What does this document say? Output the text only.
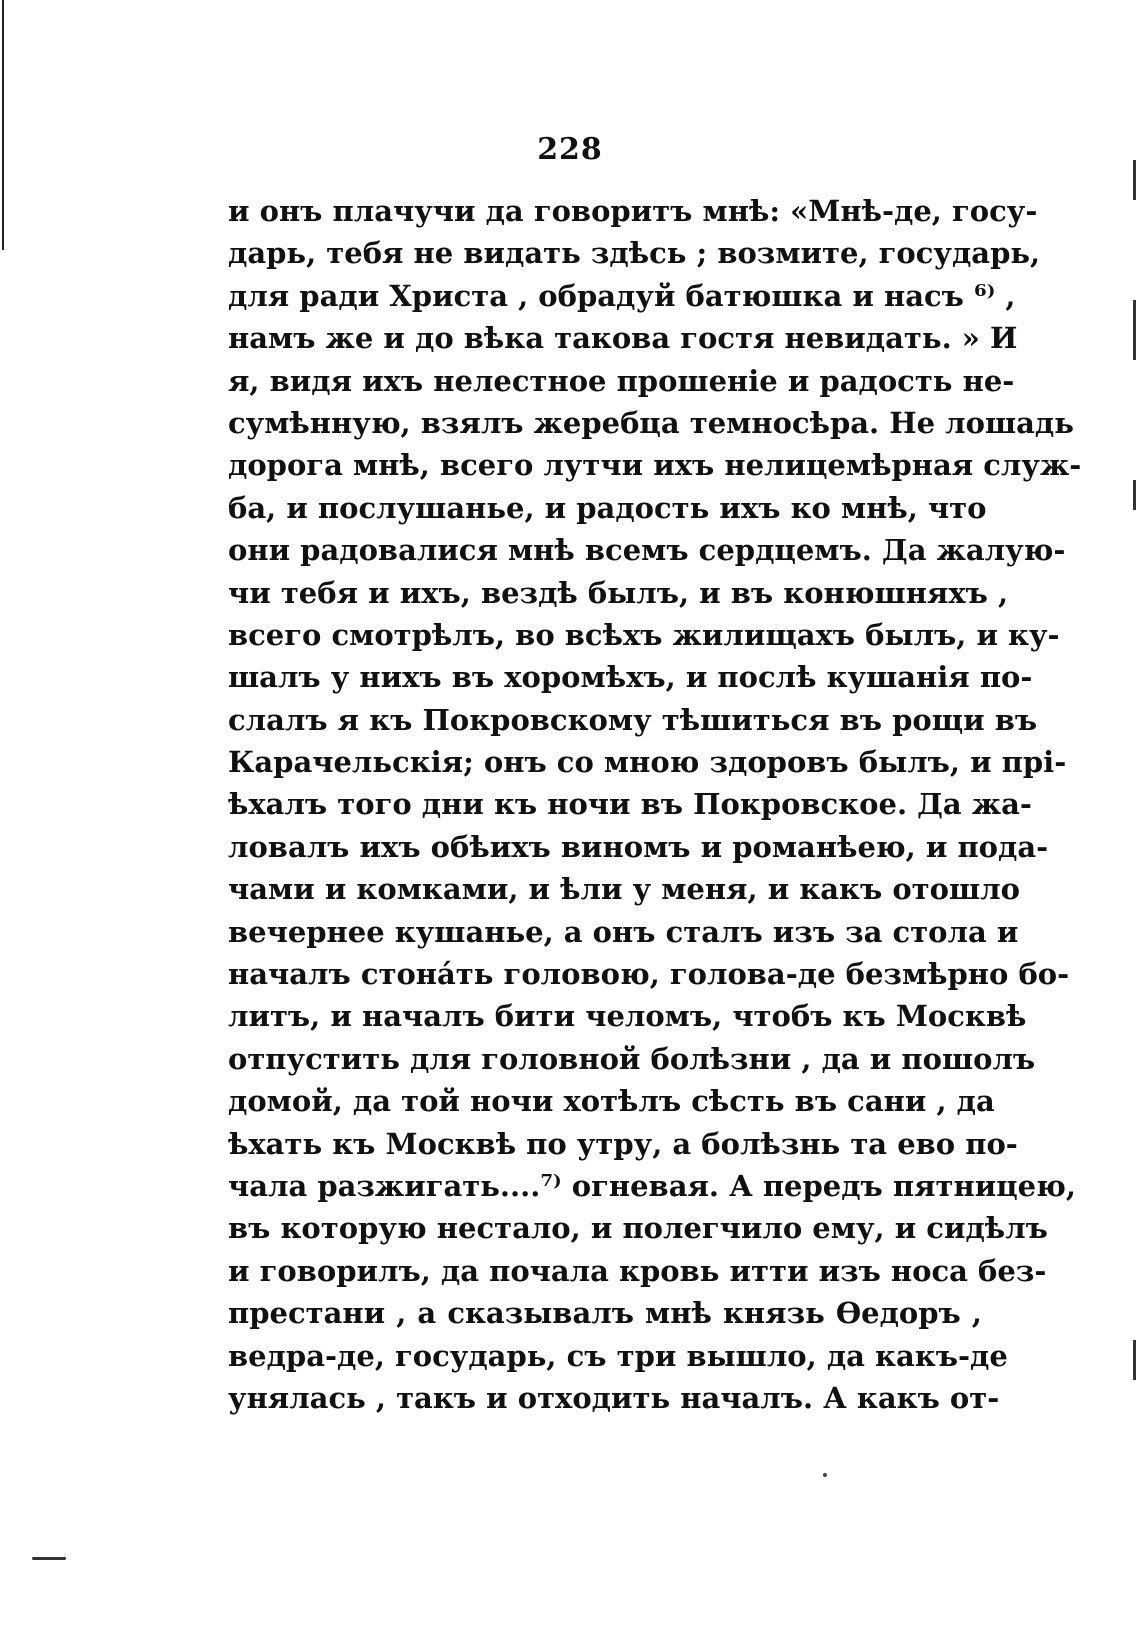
228
и онъ плачучи да говоритъ мнѣ: «Мнѣ-де, госу-
дарь, тебя не видать здѣсь ; возмите, государь,
для ради Христа , обрадуй батюшка и насъ ⁶⁾ ,
намъ же и до вѣка такова гостя невидать. » И
я, видя ихъ нелестное прошеніе и радость не-
сумѣнную, взялъ жеребца темносѣра. Не лошадь
дорога мнѣ, всего лутчи ихъ нелицемѣрная служ-
ба, и послушанье, и радость ихъ ко мнѣ, что
они радовалися мнѣ всемъ сердцемъ. Да жалую-
чи тебя и ихъ, вездѣ былъ, и въ конюшняхъ ,
всего смотрѣлъ, во всѣхъ жилищахъ былъ, и ку-
шалъ у нихъ въ хоромѣхъ, и послѣ кушанія по-
слалъ я къ Покровскому тѣшиться въ рощи въ
Карачельскія; онъ со мною здоровъ былъ, и прі-
ѣхалъ того дни къ ночи въ Покровское. Да жа-
ловалъ ихъ обѣихъ виномъ и романѣею, и пода-
чами и комками, и ѣли у меня, и какъ отошло
вечернее кушанье, а онъ сталъ изъ за стола и
началъ стонáть головою, голова-де безмѣрно бо-
литъ, и началъ бити челомъ, чтобъ къ Москвѣ
отпустить для головной болѣзни , да и пошолъ
домой, да той ночи хотѣлъ сѣсть въ сани , да
ѣхать къ Москвѣ по утру, а болѣзнь та ево по-
чала разжигать....⁷⁾ огневая. А передъ пятницею,
въ которую нестало, и полегчило ему, и сидѣлъ
и говорилъ, да почала кровь итти изъ носа без-
престани , а сказывалъ мнѣ князь Ѳедоръ ,
ведра-де, государь, съ три вышло, да какъ-де
унялась , такъ и отходить началъ. А какъ от-
